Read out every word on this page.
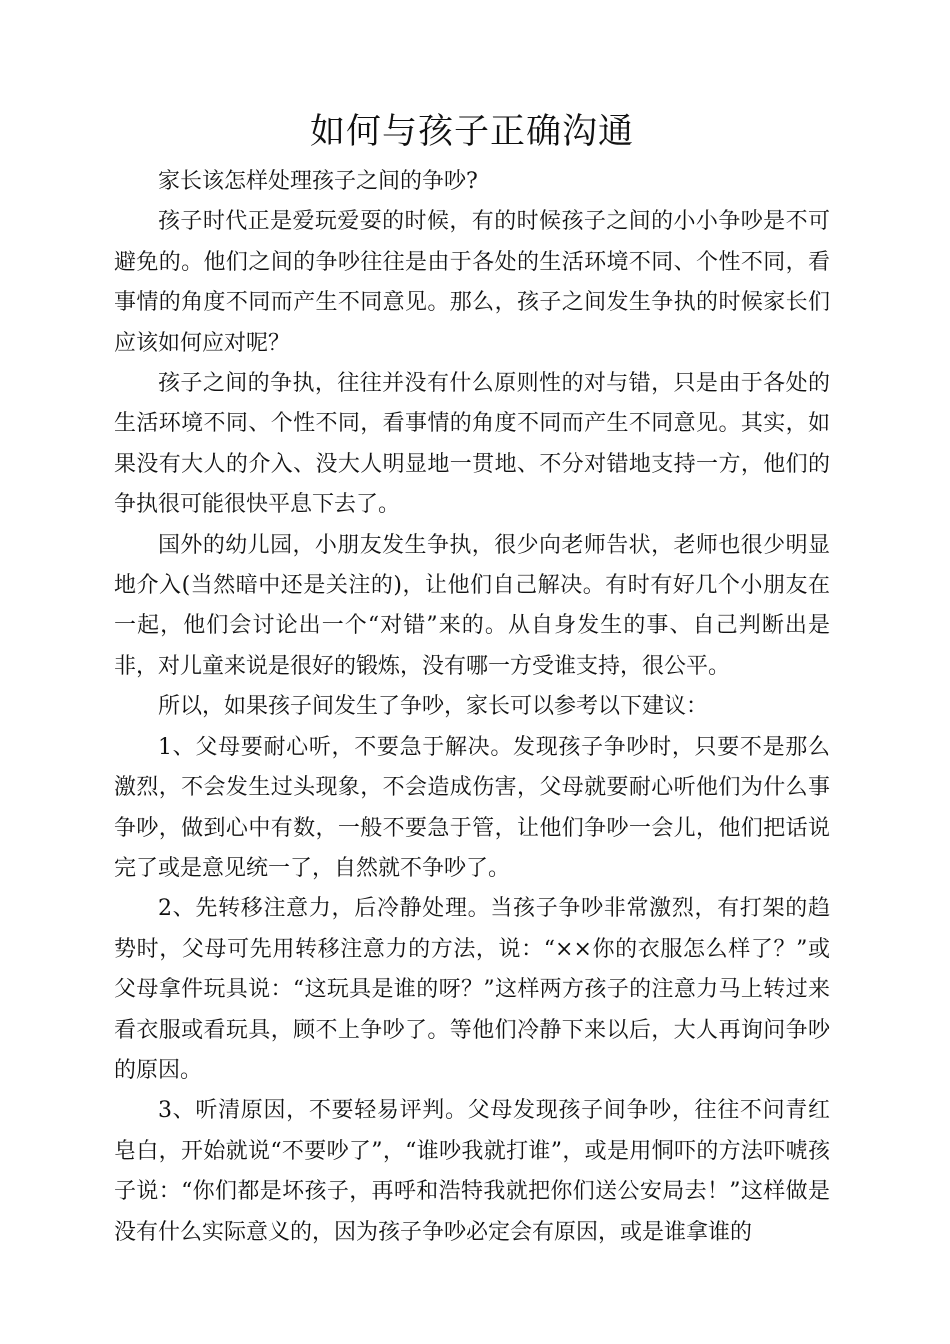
如何与孩子正确沟通

家长该怎样处理孩子之间的争吵?

孩子时代正是爱玩爱耍的时候，有的时候孩子之间的小小争吵是不可避免的。他们之间的争吵往往是由于各处的生活环境不同、个性不同，看事情的角度不同而产生不同意见。那么，孩子之间发生争执的时候家长们应该如何应对呢？

孩子之间的争执，往往并没有什么原则性的对与错，只是由于各处的生活环境不同、个性不同，看事情的角度不同而产生不同意见。其实，如果没有大人的介入、没大人明显地一贯地、不分对错地支持一方，他们的争执很可能很快平息下去了。

国外的幼儿园，小朋友发生争执，很少向老师告状，老师也很少明显地介入(当然暗中还是关注的)，让他们自己解决。有时有好几个小朋友在一起，他们会讨论出一个“对错”来的。从自身发生的事、自己判断出是非，对儿童来说是很好的锻炼，没有哪一方受谁支持，很公平。

所以，如果孩子间发生了争吵，家长可以参考以下建议：

1、父母要耐心听，不要急于解决。发现孩子争吵时，只要不是那么激烈，不会发生过头现象，不会造成伤害，父母就要耐心听他们为什么事争吵，做到心中有数，一般不要急于管，让他们争吵一会儿，他们把话说完了或是意见统一了，自然就不争吵了。

2、先转移注意力，后冷静处理。当孩子争吵非常激烈，有打架的趋势时，父母可先用转移注意力的方法，说：“××你的衣服怎么样了？”或父母拿件玩具说：“这玩具是谁的呀？”这样两方孩子的注意力马上转过来看衣服或看玩具，顾不上争吵了。等他们冷静下来以后，大人再询问争吵的原因。

3、听清原因，不要轻易评判。父母发现孩子间争吵，往往不问青红皂白，开始就说“不要吵了”，“谁吵我就打谁”，或是用恫吓的方法吓唬孩子说：“你们都是坏孩子，再呼和浩特我就把你们送公安局去！”这样做是没有什么实际意义的，因为孩子争吵必定会有原因，或是谁拿谁的
